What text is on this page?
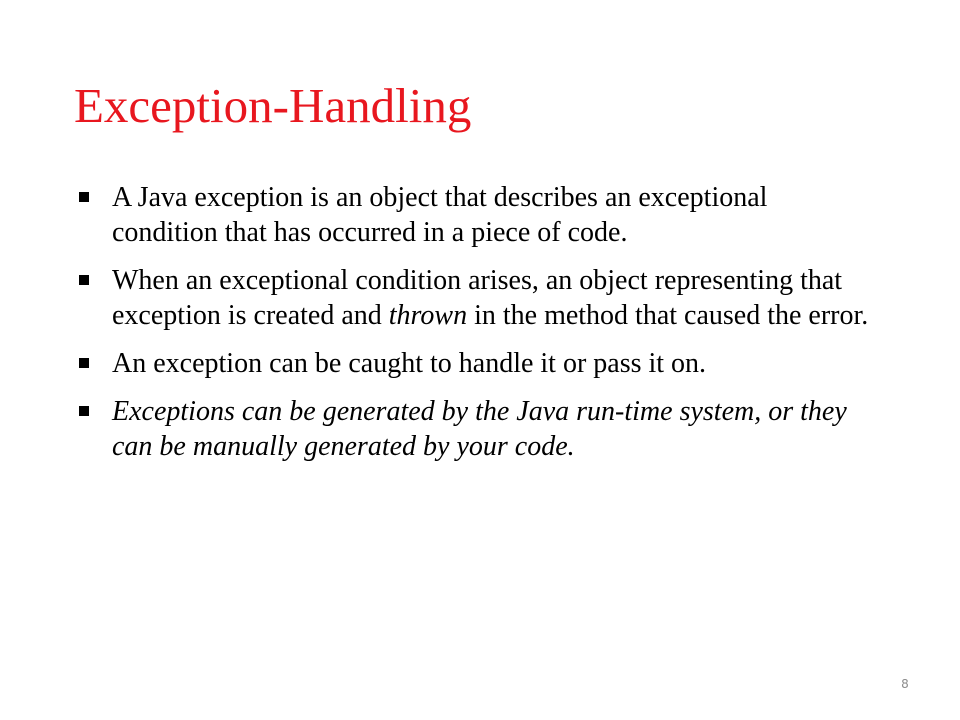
Exception-Handling
A Java exception is an object that describes an exceptional condition that has occurred in a piece of code.
When an exceptional condition arises, an object representing that exception is created and thrown in the method that caused the error.
An exception can be caught to handle it or pass it on.
Exceptions can be generated by the Java run-time system, or they can be manually generated by your code.
8
